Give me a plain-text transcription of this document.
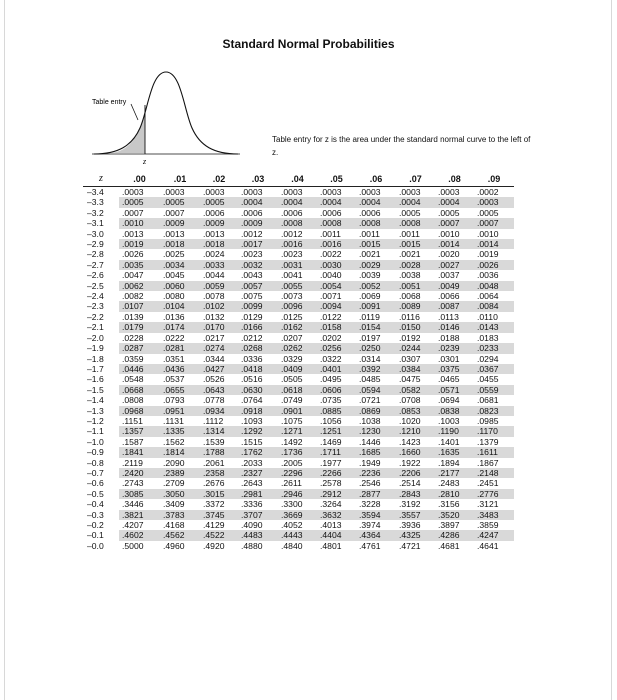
Standard Normal Probabilities
Table entry
z
Table entry for z is the area under the standard normal curve to the left of z.
z	.00	.01	.02	.03	.04	.05	.06	.07	.08	.09
–3.4	.0003	.0003	.0003	.0003	.0003	.0003	.0003	.0003	.0003	.0002
–3.3	.0005	.0005	.0005	.0004	.0004	.0004	.0004	.0004	.0004	.0003
–3.2	.0007	.0007	.0006	.0006	.0006	.0006	.0006	.0005	.0005	.0005
–3.1	.0010	.0009	.0009	.0009	.0008	.0008	.0008	.0008	.0007	.0007
–3.0	.0013	.0013	.0013	.0012	.0012	.0011	.0011	.0011	.0010	.0010
–2.9	.0019	.0018	.0018	.0017	.0016	.0016	.0015	.0015	.0014	.0014
–2.8	.0026	.0025	.0024	.0023	.0023	.0022	.0021	.0021	.0020	.0019
–2.7	.0035	.0034	.0033	.0032	.0031	.0030	.0029	.0028	.0027	.0026
–2.6	.0047	.0045	.0044	.0043	.0041	.0040	.0039	.0038	.0037	.0036
–2.5	.0062	.0060	.0059	.0057	.0055	.0054	.0052	.0051	.0049	.0048
–2.4	.0082	.0080	.0078	.0075	.0073	.0071	.0069	.0068	.0066	.0064
–2.3	.0107	.0104	.0102	.0099	.0096	.0094	.0091	.0089	.0087	.0084
–2.2	.0139	.0136	.0132	.0129	.0125	.0122	.0119	.0116	.0113	.0110
–2.1	.0179	.0174	.0170	.0166	.0162	.0158	.0154	.0150	.0146	.0143
–2.0	.0228	.0222	.0217	.0212	.0207	.0202	.0197	.0192	.0188	.0183
–1.9	.0287	.0281	.0274	.0268	.0262	.0256	.0250	.0244	.0239	.0233
–1.8	.0359	.0351	.0344	.0336	.0329	.0322	.0314	.0307	.0301	.0294
–1.7	.0446	.0436	.0427	.0418	.0409	.0401	.0392	.0384	.0375	.0367
–1.6	.0548	.0537	.0526	.0516	.0505	.0495	.0485	.0475	.0465	.0455
–1.5	.0668	.0655	.0643	.0630	.0618	.0606	.0594	.0582	.0571	.0559
–1.4	.0808	.0793	.0778	.0764	.0749	.0735	.0721	.0708	.0694	.0681
–1.3	.0968	.0951	.0934	.0918	.0901	.0885	.0869	.0853	.0838	.0823
–1.2	.1151	.1131	.1112	.1093	.1075	.1056	.1038	.1020	.1003	.0985
–1.1	.1357	.1335	.1314	.1292	.1271	.1251	.1230	.1210	.1190	.1170
–1.0	.1587	.1562	.1539	.1515	.1492	.1469	.1446	.1423	.1401	.1379
–0.9	.1841	.1814	.1788	.1762	.1736	.1711	.1685	.1660	.1635	.1611
–0.8	.2119	.2090	.2061	.2033	.2005	.1977	.1949	.1922	.1894	.1867
–0.7	.2420	.2389	.2358	.2327	.2296	.2266	.2236	.2206	.2177	.2148
–0.6	.2743	.2709	.2676	.2643	.2611	.2578	.2546	.2514	.2483	.2451
–0.5	.3085	.3050	.3015	.2981	.2946	.2912	.2877	.2843	.2810	.2776
–0.4	.3446	.3409	.3372	.3336	.3300	.3264	.3228	.3192	.3156	.3121
–0.3	.3821	.3783	.3745	.3707	.3669	.3632	.3594	.3557	.3520	.3483
–0.2	.4207	.4168	.4129	.4090	.4052	.4013	.3974	.3936	.3897	.3859
–0.1	.4602	.4562	.4522	.4483	.4443	.4404	.4364	.4325	.4286	.4247
–0.0	.5000	.4960	.4920	.4880	.4840	.4801	.4761	.4721	.4681	.4641
